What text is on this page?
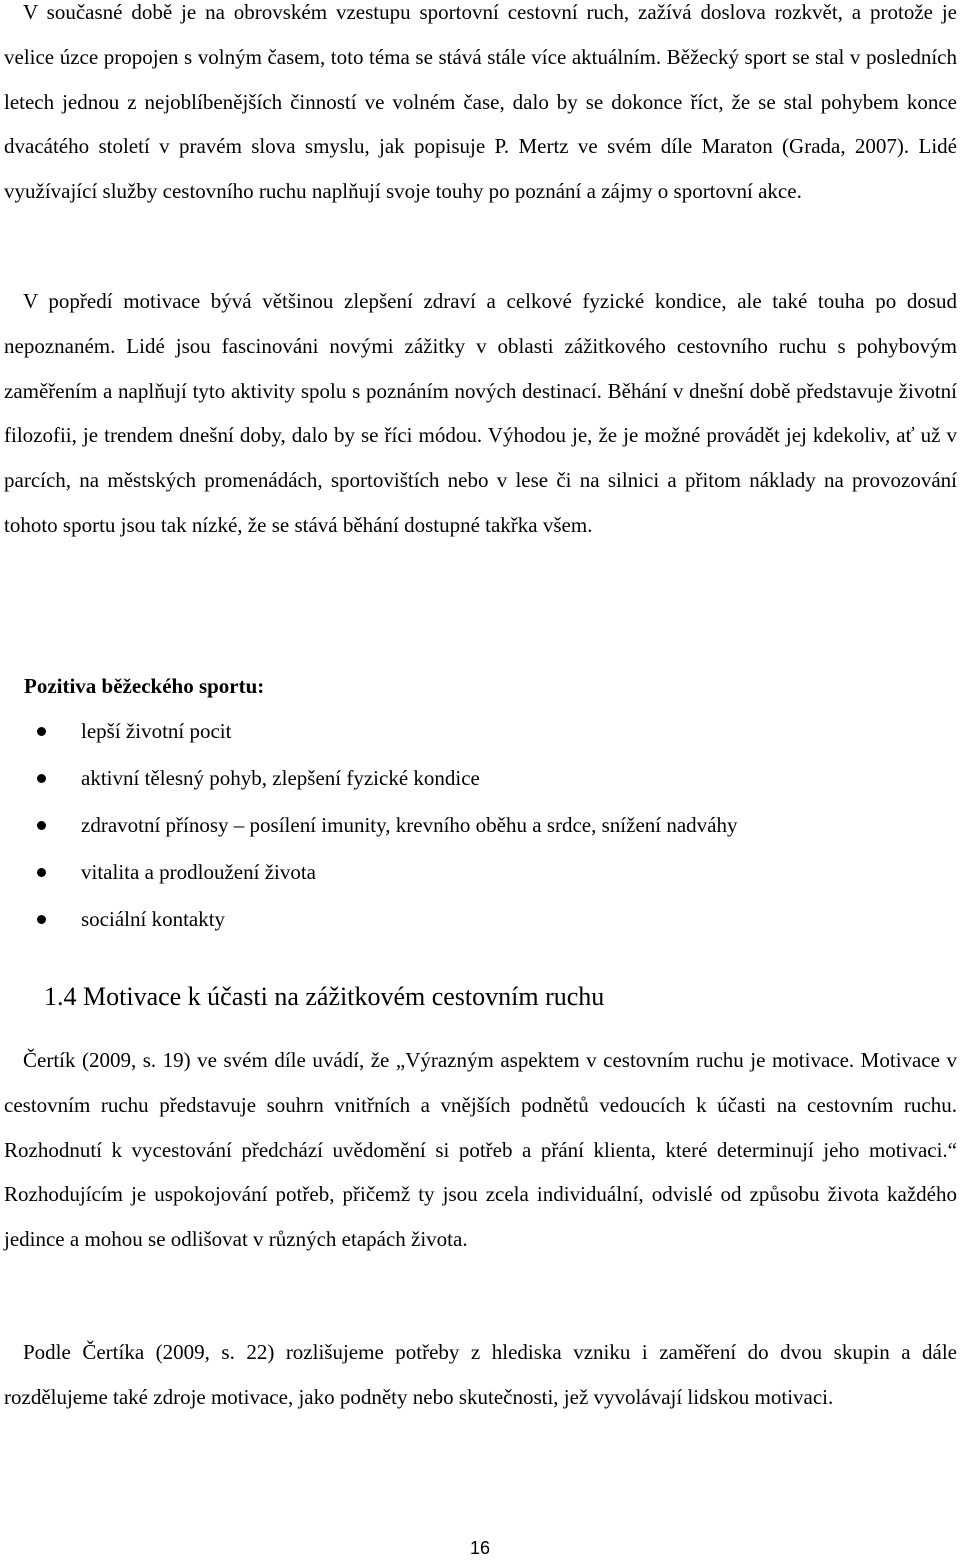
V současné době je na obrovském vzestupu sportovní cestovní ruch, zažívá doslova rozkvět, a protože je velice úzce propojen s volným časem, toto téma se stává stále více aktuálním. Běžecký sport se stal v posledních letech jednou z nejoblíbenějších činností ve volném čase, dalo by se dokonce říct, že se stal pohybem konce dvacátého století v pravém slova smyslu, jak popisuje P. Mertz ve svém díle Maraton (Grada, 2007). Lidé využívající služby cestovního ruchu naplňují svoje touhy po poznání a zájmy o sportovní akce.

V popředí motivace bývá většinou zlepšení zdraví a celkové fyzické kondice, ale také touha po dosud nepoznaném. Lidé jsou fascinováni novými zážitky v oblasti zážitkového cestovního ruchu s pohybovým zaměřením a naplňují tyto aktivity spolu s poznáním nových destinací. Běhání v dnešní době představuje životní filozofii, je trendem dnešní doby, dalo by se říci módou. Výhodou je, že je možné provádět jej kdekoliv, ať už v parcích, na městských promenádách, sportovištích nebo v lese či na silnici a přitom náklady na provozování tohoto sportu jsou tak nízké, že se stává běhání dostupné takřka všem.

Pozitiva běžeckého sportu:
lepší životní pocit
aktivní tělesný pohyb, zlepšení fyzické kondice
zdravotní přínosy – posílení imunity, krevního oběhu a srdce, snížení nadváhy
vitalita a prodloužení života
sociální kontakty
1.4 Motivace k účasti na zážitkovém cestovním ruchu

Čertík (2009, s. 19) ve svém díle uvádí, že „Výrazným aspektem v cestovním ruchu je motivace. Motivace v cestovním ruchu představuje souhrn vnitřních a vnějších podnětů vedoucích k účasti na cestovním ruchu. Rozhodnutí k vycestování předchází uvědomění si potřeb a přání klienta, které determinují jeho motivaci.“ Rozhodujícím je uspokojování potřeb, přičemž ty jsou zcela individuální, odvislé od způsobu života každého jedince a mohou se odlišovat v různých etapách života.

Podle Čertíka (2009, s. 22) rozlišujeme potřeby z hlediska vzniku i zaměření do dvou skupin a dále rozdělujeme také zdroje motivace, jako podněty nebo skutečnosti, jež vyvolávají lidskou motivaci.

16
